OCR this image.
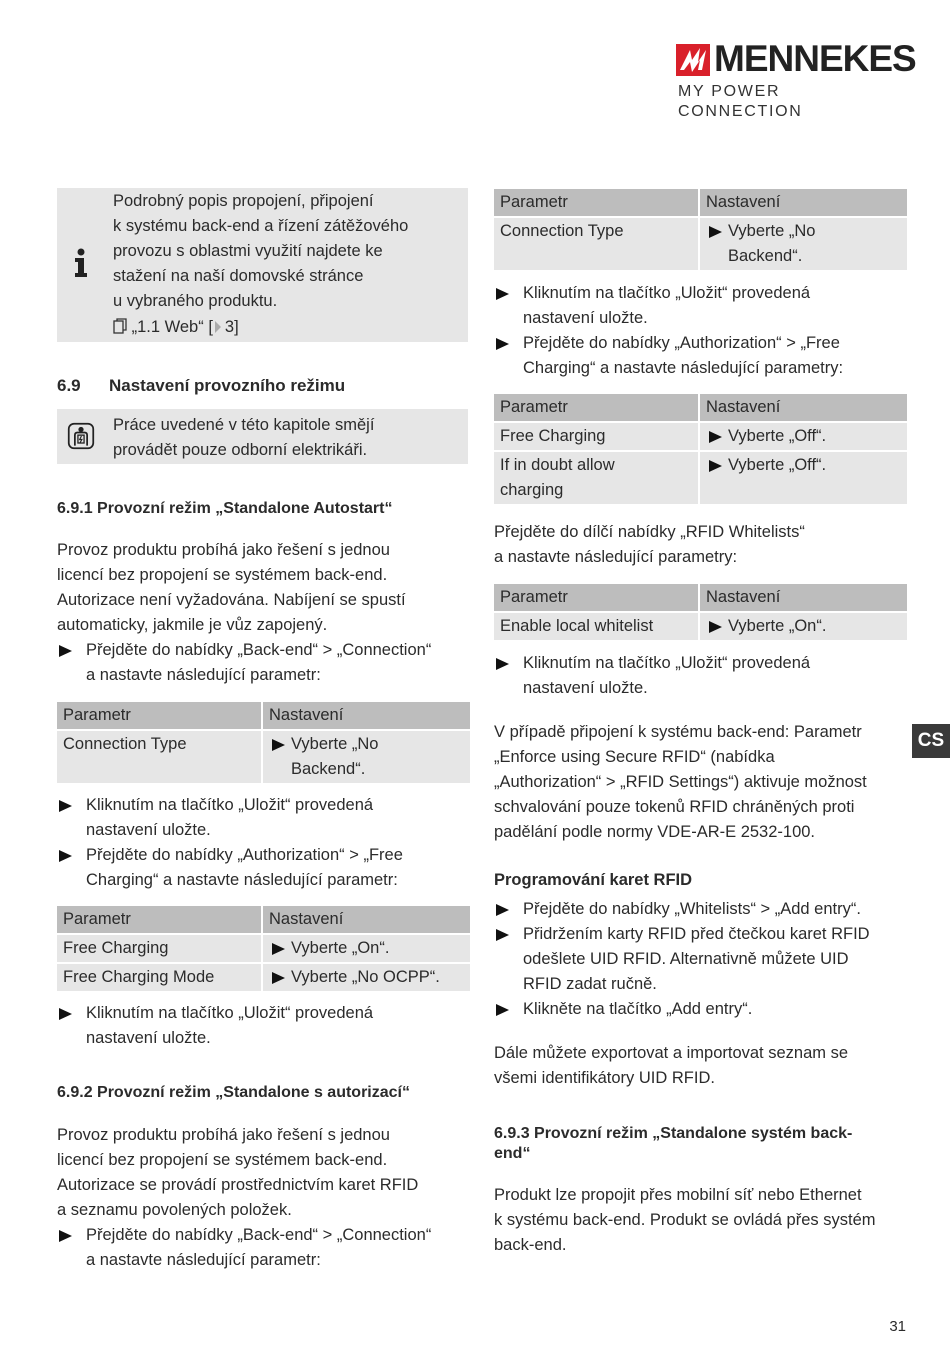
MENNEKES
MY POWER CONNECTION
Podrobný popis propojení, připojení
k systému back-end a řízení zátěžového
provozu s oblastmi využití najdete ke
stažení na naší domovské stránce
u vybraného produktu.
„1.1 Web“ [ 3]
6.9 Nastavení provozního režimu
Práce uvedené v této kapitole smějí
provádět pouze odborní elektrikáři.
6.9.1 Provozní režim „Standalone Autostart“
Provoz produktu probíhá jako řešení s jednou
licencí bez propojení se systémem back-end.
Autorizace není vyžadována. Nabíjení se spustí
automaticky, jakmile je vůz zapojený.
Přejděte do nabídky „Back-end“ > „Connection“
a nastavte následující parametr:
Parametr	Nastavení
Connection Type	Vyberte „No
Backend“.
Kliknutím na tlačítko „Uložit“ provedená
nastavení uložte.
Přejděte do nabídky „Authorization“ > „Free
Charging“ a nastavte následující parametr:
Parametr	Nastavení
Free Charging	Vyberte „On“.
Free Charging Mode	Vyberte „No OCPP“.
Kliknutím na tlačítko „Uložit“ provedená
nastavení uložte.
6.9.2 Provozní režim „Standalone s autorizací“
Provoz produktu probíhá jako řešení s jednou
licencí bez propojení se systémem back-end.
Autorizace se provádí prostřednictvím karet RFID
a seznamu povolených položek.
Přejděte do nabídky „Back-end“ > „Connection“
a nastavte následující parametr:
Parametr	Nastavení
Connection Type	Vyberte „No
Backend“.
Kliknutím na tlačítko „Uložit“ provedená
nastavení uložte.
Přejděte do nabídky „Authorization“ > „Free
Charging“ a nastavte následující parametry:
Parametr	Nastavení
Free Charging	Vyberte „Off“.

If in doubt allow
charging	Vyberte „Off“.
Přejděte do dílčí nabídky „RFID Whitelists“
a nastavte následující parametry:
Parametr	Nastavení
Enable local whitelist	Vyberte „On“.
Kliknutím na tlačítko „Uložit“ provedená
nastavení uložte.
V případě připojení k systému back-end: Parametr
„Enforce using Secure RFID“ (nabídka
„Authorization“ > „RFID Settings“) aktivuje možnost
schvalování pouze tokenů RFID chráněných proti
padělání podle normy VDE-AR-E 2532-100.
Programování karet RFID
Přejděte do nabídky „Whitelists“ > „Add entry“.
Přidržením karty RFID před čtečkou karet RFID
odešlete UID RFID. Alternativně můžete UID
RFID zadat ručně.
Klikněte na tlačítko „Add entry“.
Dále můžete exportovat a importovat seznam se
všemi identifikátory UID RFID.
6.9.3 Provozní režim „Standalone systém back-
end“
Produkt lze propojit přes mobilní síť nebo Ethernet
k systému back-end. Produkt se ovládá přes systém
back-end.
CS
31
